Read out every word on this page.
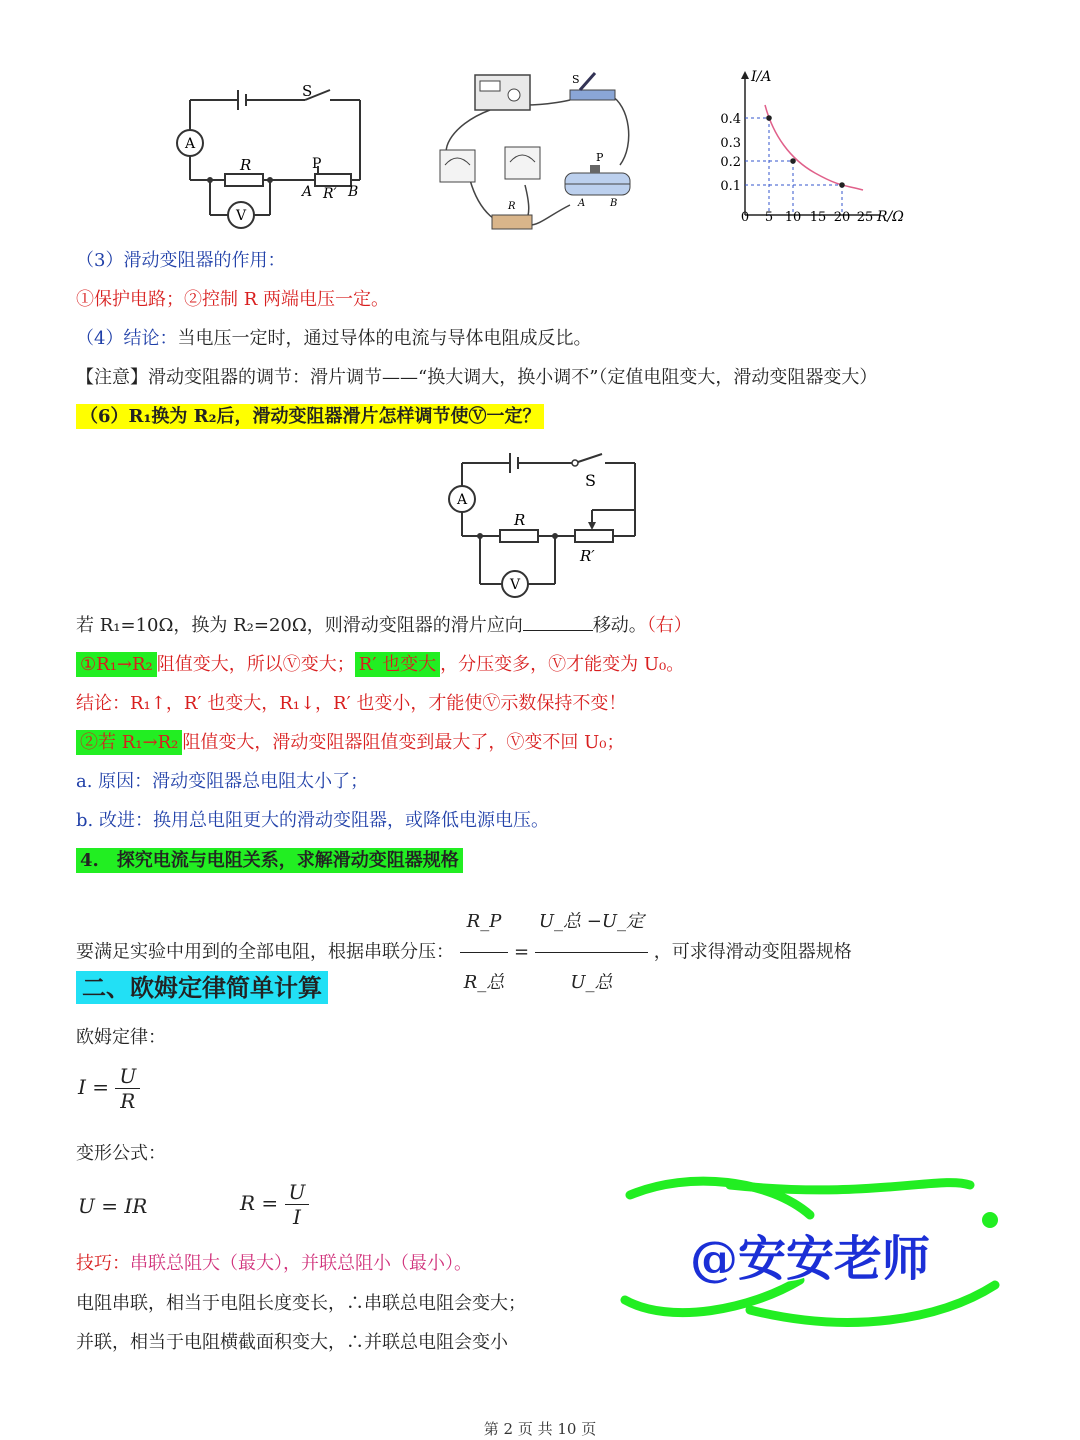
A
V
S
R	P
A R′ B
S
P
A B
R
I/A
R/Ω
0.4
0.3
0.2
0.1
0 5 10 15 20 25
（3）滑动变阻器的作用：
①保护电路；②控制 R 两端电压一定。
（4）结论：当电压一定时，通过导体的电流与导体电阻成反比。
【注意】滑动变阻器的调节：滑片调节——“换大调大，换小调不”（定值电阻变大，滑动变阻器变大）
（6）R₁换为 R₂后，滑动变阻器滑片怎样调节使Ⓥ一定？
A
V
S
R
R′
若 R₁=10Ω，换为 R₂=20Ω，则滑动变阻器的滑片应向	移动。（右）
①R₁→R₂ 阻值变大，所以Ⓥ变大； R′ 也变大 ，分压变多，Ⓥ才能变为 U₀。
结论：R₁↑，R′ 也变大，R₁↓，R′ 也变小，才能使Ⓥ示数保持不变！
②若 R₁→R₂ 阻值变大，滑动变阻器阻值变到最大了，Ⓥ变不回 U₀；
a. 原因：滑动变阻器总电阻太小了；
b. 改进：换用总电阻更大的滑动变阻器，或降低电源电压。
4.　探究电流与电阻关系，求解滑动变阻器规格
要满足实验中用到的全部电阻，根据串联分压： $\frac{R\_P}{\text{R\_总}} = \frac{\text{U\_总 −U\_定}}{\text{U\_总}}$ ，可求得滑动变阻器规格
二、欧姆定律简单计算
欧姆定律：
$I = \frac{U}{R}$
变形公式：
U = IR	$R = \frac{U}{I}$
技巧：串联总阻大（最大），并联总阻小（最小）。
电阻串联，相当于电阻长度变长，∴串联总电阻会变大；
并联，相当于电阻横截面积变大，∴并联总电阻会变小
@安安老师
第 2 页 共 10 页
